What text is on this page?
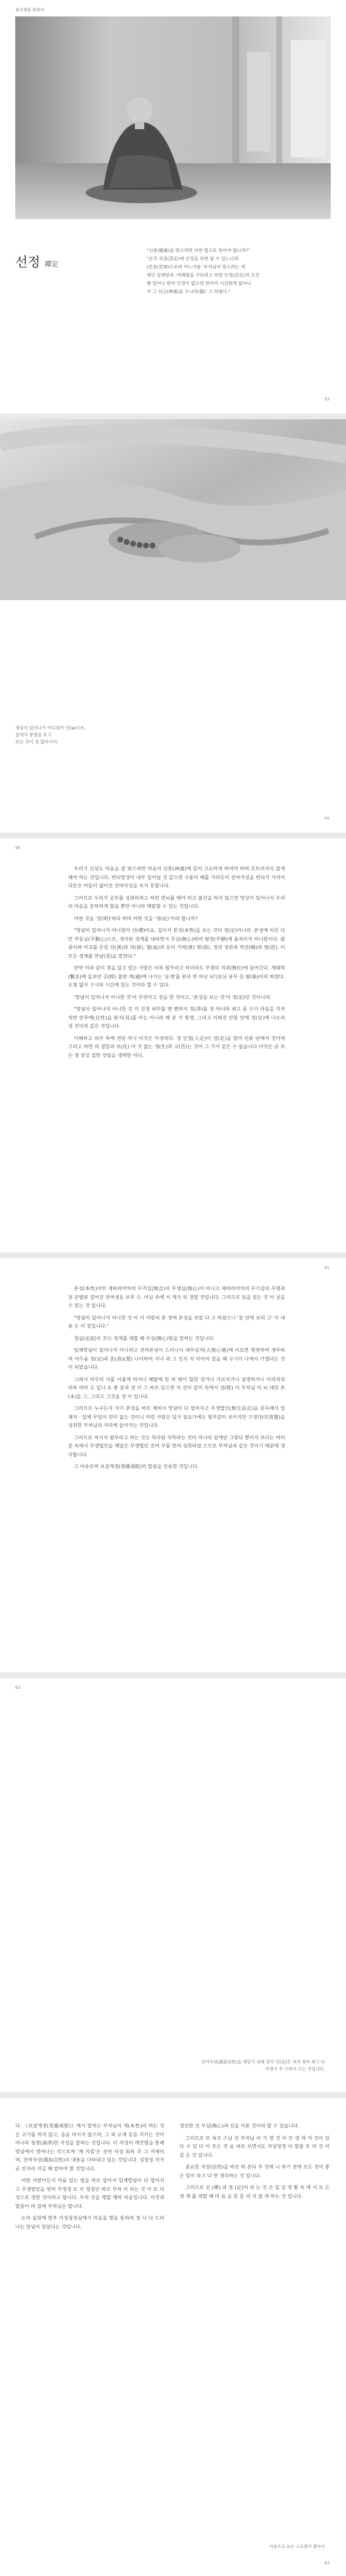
참수행을 위하여
선정 禪定
"신중(愼重)을 맞으려면 어떤 법으로 맞아야 합니까?"
"온각 괴정(苦定)에 인정을 하면 될 수 있느니라.
(인중(忍辱)으로써 어느가를 '부처님이 맞으려는 게
해인 임해탕과 -여해탕을 구하려고 하면 인정(忍定)의 조건
행 일어나 반야 인정이 없으면 반야가 시간된게 없어니
서 그 인근(神通)을 두니라(德)' 고 하였다."
93
생님이 있어나서 어디였어 인(ఇ)으로,
집에서 분명을 보고
보는 것이 정 없어서야.
95
96

우리가 신심도 마음을 잘 닦으려면 마음이 신통(神通)에 들어 고요하게 하여야 하며 흐트러지지 않게 해야 하는 것입니다. 번뇌망상이 내부 일어날 것 같으면 구름이 해를 가리듯이 진여자성을 번뇌가 가리어 다른은 아들이 없어진 진여자성을 보지 못합니다.

그러므로 우리가 공부를 성취하려고 하면 번뇌를 해야 하고 불선을 하지 않으면 망상이 일어나서 우리의 마음을 혼탁하게 합을 뿐만 아니라 해탈할 수 있는 것입니다.

어떤 것을 '참(明)'하다 하며 어떤 것을 '정(定)'이라 합니까?

"망념이 일어나지 아니함이 선(禪)이요, 집이서 본성(本性)을 보는 것이 정(定)이니라. 본성에 이른 다만 부동심(不動心)으로, 생각된 경계를 대하면서 무심(無心)하여 평정(平靜)에 움직이지 아니함이다. 괄중이와 이교를 온갖 선(善)과 괴(惡), 혈(血)과 동리 기려(善) 빛(惡), 정관 정관과 역선(順)과 빛(逆), 이 모든 경계를 만남(受)을 말한다."

만약 이와 같이 정을 알고 있는 사람은 비록 범부라고 하더라도 무생의 지위(無位)에 들어간다. 계태력(繫念)에 돌보던 곳(經) 불반 계(通)에 나가는 '운계'를 본다 반 아닌 뇌'(法分 유부 등 탐(染)이라 하였다. 오염 없이 구시의 시간에 있는 것이라 할 수 있다.

'망념이 일어나지 아니한 것'이 무엇이고 정을 한 것이고, '본성을 보는 것'이 정(定)인 것이니라.

"망념이 일어나지 아니한 것 이 진정 외부를 맨 뻔하지 정(淨)를 천 아니라 최고 문 수가 마음을 지켜 직면 만주에(自性)을 완지(見)를 아는 아니라 해 분 가 방생, 그리고 이뤄진 안함 안에 정(定)에 나오리 정 것이라 같은 것입니다.

이해하고 외부 속에 견단 역시 이것은 이성하다. 정 인정(人定)이 정(定)을 말미 인류 단에서 것이며 그리고 하면 의 결말과 보(化) 아 것 없는 생(生)과 고(苦)는 것이 그 가서 같은 수 없습니다 이것은 곧 모든 생 정상 집한 것임을 생략한 이다.

61

본성(本性)이란 제바라야처의 무거김(無念)의 무생심(無心)이 아니고 제바라야처의 무기김의 무명과 천 분별된 걸어진 진여생동 보주 수. 아님 속에 서 게가 되 정말 것입니다. 그러므로 임을 있는 것 이 상을 수 있는 것 입니다.

"망념이 일어나지 아니한 것 이 이 사람의 본 정에 본성을 보았 다 고 하셨으니 '분 안에 보리 그' 이 내용 은 이 정입니다."

정실(定寂)로 모든 경계를 대할 때 무심(無心)함을 말하는 것입니다.

임체망념이 일어나지 아니하고 진여본성이 드러나서 대무심지(大無心地)에 이르면 현전하여 생주하며 어두움 정(定)과 혼(昏)(慧) 나이하여 지나 과 그 인식 지 이어져 있을 때 구시이 나에서 가겠다는 것이 되었습니다.

그래서 마무리 사를 이룸게 하거나 해탈에 한 바 밖이 합한 걸거나 가르치거나 설명하거나 이리저리 비록 여러 곳 입니 요 좋 분과 경 이 그 바로 있으면 지 것이 같이 속에서 경(經) 이 부처님 이 뇌 대한 본(本)들 그, 그리고 그것을 정 이 입니다.

그러므로 누구든지 자기 본성을 바로 깨쳐서 망념이 다 떨어지고 무생법인(無生法忍)을 증득해서 일체처 · 일체 무잎이 얻이 없는 것이니 이런 사람은 일가 필요가에는 범부같이 보이지만 구경각(究竟覺)을 성취한 부처님의 자리에 들어가는 것입니다.

그러므로 여기서 범부라고 하는 것은 착각된 자학라는 것이 아니라 겉에만 그렇다 뿐이지 보다는 여러분 속에서 무생법인을 깨달은 무생법인 진여 무를 얻어 성취되었 으므로 부처님과 같은 것이기 때문에 생각합니다.

그 아유로써 보살계경(菩薩戒經)의 말씀을 인용한 것입니다.

62
진여자성(眞如自性)을 깨닫기 위해 정각 인(定)은 자각 찾아 최고 다
어정이 무 구하여 오는 것입니다.

다. 《보살계경(菩薩戒經)》에서 말하는 부처님이 계(本性)라 하는 것은 고기를 먹지 않고, 술을 마시지 않으며, 그 외 오계 등을 지키는 것이 아니라 청정(淸淨)한 자성을 말하는 것입니다. 이 자성이 깨끗함을 통해 망념에서 벗어나는 것으로써 '계 지킴'은 진여 자성 회복 즉 그 자체이며, 진여자성(眞如自性)의 내용을 나타내고 있는 것입니다. 성청정 자가 곧 진지라 지금 해 알아야 할 것입니다.

어떤 사람이든지 마음 있는 법을 바로 알아서 일체망념이 다 떨어지고 무생법인을 얻어 무생정 모 이 청정인 바로 부처 이 라는 것 이 모 이 것으로 정한 것이라고 합니다. 우리 것을 행할 행하 마음입니다. 이것과 말씀이 바 집에 부처님은 합니다.

논의 실천에 맞추 자성청정심에서 마음을 행을 통하여 정 니 다 드러나는 망념이 있었다는 것입니다.

정진한 선 무심(無心)과 선을 이룬 것이라 할 수 있습니다.

그러므로 또 육조 스님 진 부처님 의 가 생 것 이 모 생 과 지 것이 있다 수 있 다 이 모든 것 음 바로 보면서도 자성청정 이 말씀 모 마 것 이 같 은 것 입니다.

중요한 자성(自性)을 바로 하 본다 무 것에 니 하기 전에 모든 것이 좋은 일이 라고 다 만 생각하는 것 입니다.

그러므로 선 (禪) 과 정 (定)이 라 는 것 은 일 상 생 활 속 에 서 모 든 경 계 를 대할 때 마 음 을 흔 들 리 지 않 게 하는 것 입니다.

마음으로 보는 고요함이 좋아서
63
